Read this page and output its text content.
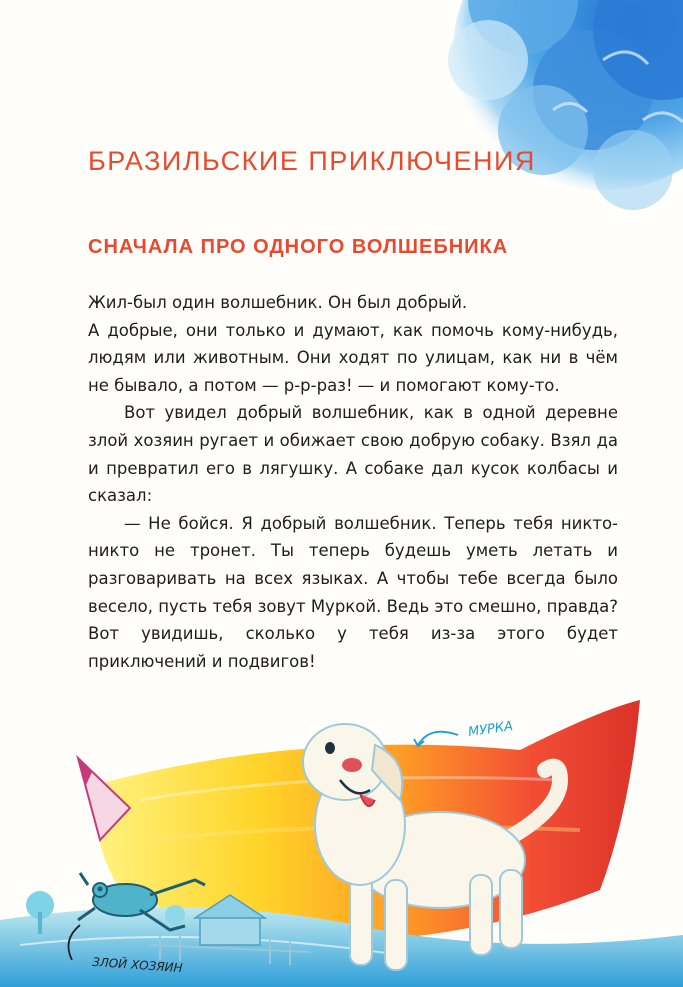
БРАЗИЛЬСКИЕ ПРИКЛЮЧЕНИЯ
СНАЧАЛА ПРО ОДНОГО ВОЛШЕБНИКА

Жил-был один волшебник. Он был добрый.

А добрые, они только и думают, как помочь кому-нибудь, людям или животным. Они ходят по улицам, как ни в чём не бывало, а потом — р-р-раз! — и помогают кому-то.

Вот увидел добрый волшебник, как в одной деревне злой хозяин ругает и обижает свою добрую собаку. Взял да и превратил его в лягушку. А собаке дал кусок колбасы и сказал:

— Не бойся. Я добрый волшебник. Теперь тебя никто-никто не тронет. Ты теперь будешь уметь летать и разговаривать на всех языках. А чтобы тебе всегда было весело, пусть тебя зовут Муркой. Ведь это смешно, правда? Вот увидишь, сколько у тебя из-за этого будет приключений и подвигов!

МУРКА
ЗЛОЙ ХОЗЯИН
